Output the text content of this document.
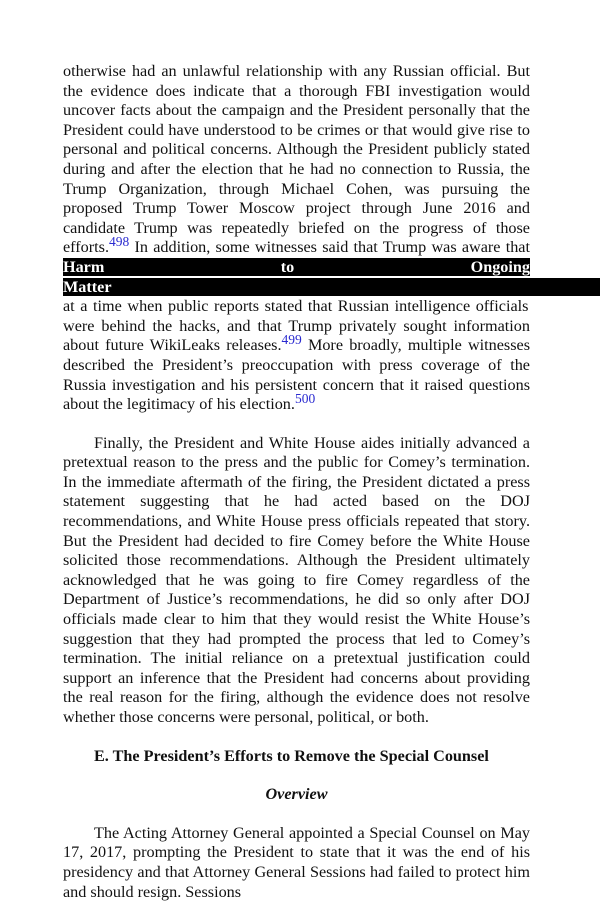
otherwise had an unlawful relationship with any Russian official. But the evidence does indicate that a thorough FBI investigation would uncover facts about the campaign and the President personally that the President could have understood to be crimes or that would give rise to personal and political concerns. Although the President publicly stated during and after the election that he had no connection to Russia, the Trump Organization, through Michael Cohen, was pursuing the proposed Trump Tower Moscow project through June 2016 and candidate Trump was repeatedly briefed on the progress of those efforts.$^{498}$ In addition, some witnesses said that Trump was aware that Harm to Ongoing Matter                                  at a time when public reports stated that Russian intelligence officials were behind the hacks, and that Trump privately sought information about future WikiLeaks releases.$^{499}$ More broadly, multiple witnesses described the President’s preoccupation with press coverage of the Russia investigation and his persistent concern that it raised questions about the legitimacy of his election.$^{500}$

Finally, the President and White House aides initially advanced a pretextual reason to the press and the public for Comey’s termination. In the immediate aftermath of the firing, the President dictated a press statement suggesting that he had acted based on the DOJ recommendations, and White House press officials repeated that story. But the President had decided to fire Comey before the White House solicited those recommendations. Although the President ultimately acknowledged that he was going to fire Comey regardless of the Department of Justice’s recommendations, he did so only after DOJ officials made clear to him that they would resist the White House’s suggestion that they had prompted the process that led to Comey’s termination. The initial reliance on a pretextual justification could support an inference that the President had concerns about providing the real reason for the firing, although the evidence does not resolve whether those concerns were personal, political, or both.

E. The President’s Efforts to Remove the Special Counsel

Overview

The Acting Attorney General appointed a Special Counsel on May 17, 2017, prompting the President to state that it was the end of his presidency and that Attorney General Sessions had failed to protect him and should resign. Sessions
